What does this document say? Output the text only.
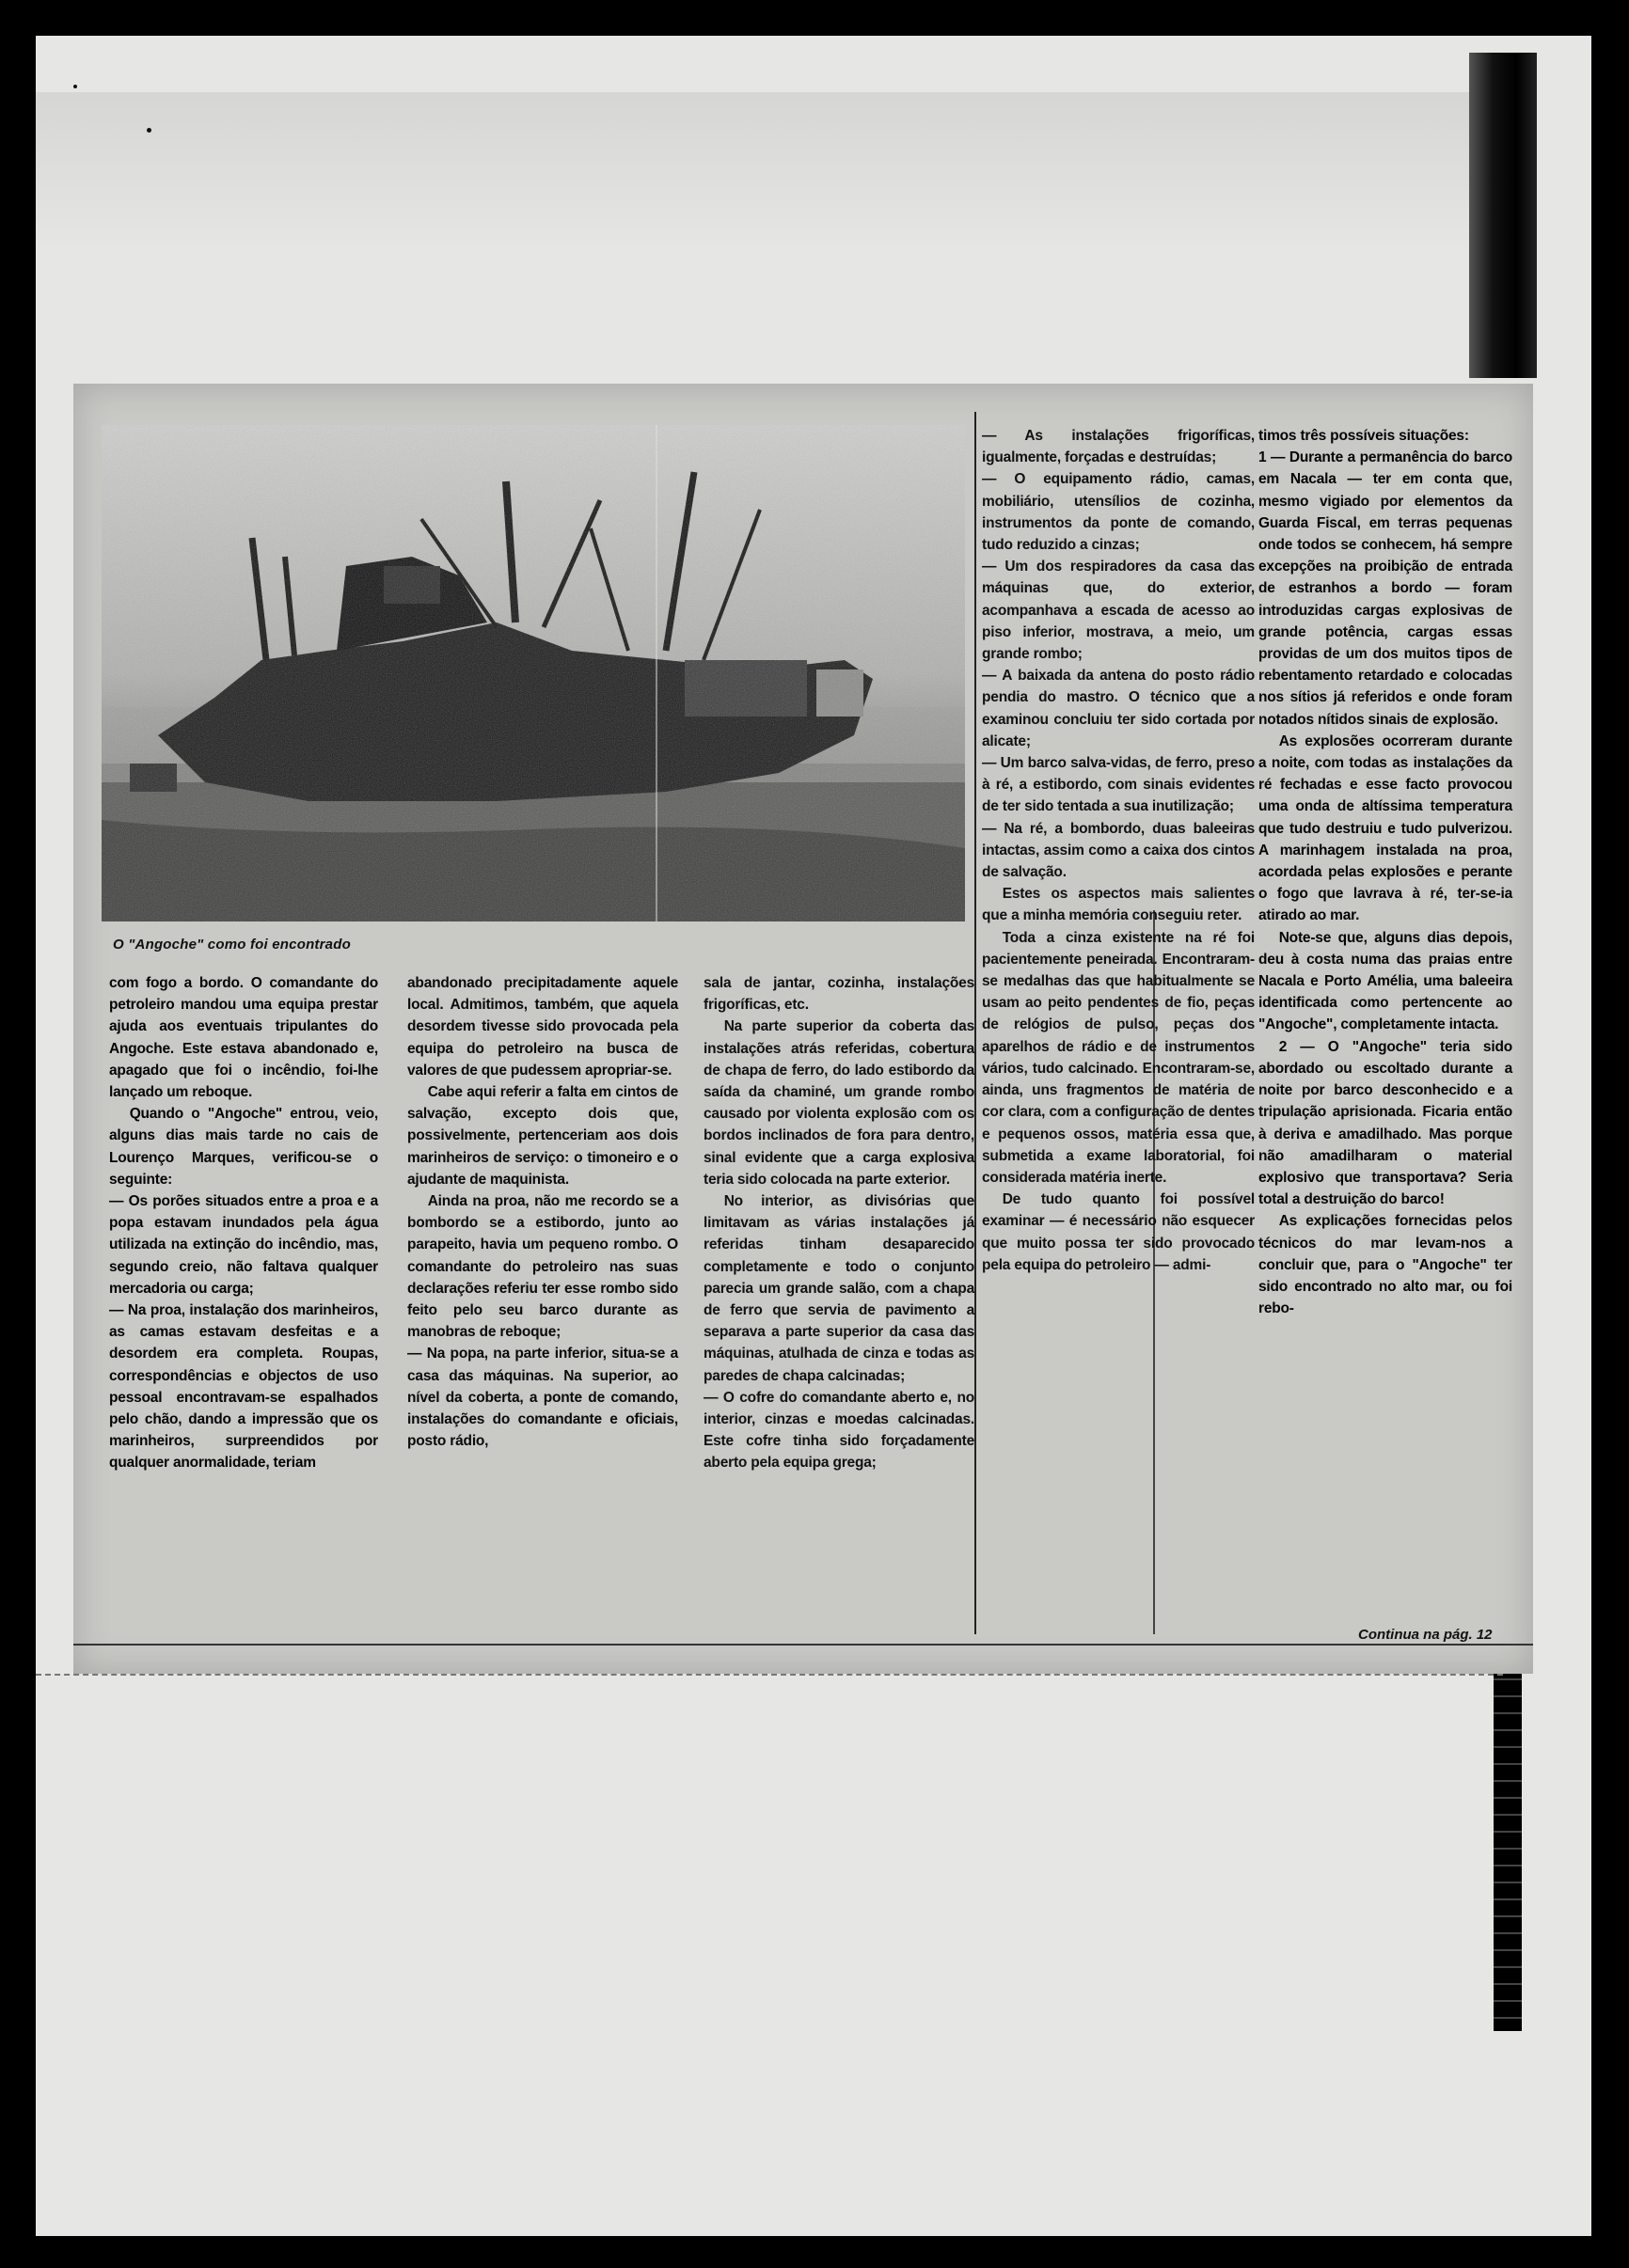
O "Angoche" como foi encontrado

com fogo a bordo. O comandante do petroleiro mandou uma equipa prestar ajuda aos eventuais tripulantes do Angoche. Este estava abandonado e, apagado que foi o incêndio, foi-lhe lançado um reboque.

Quando o "Angoche" entrou, veio, alguns dias mais tarde no cais de Lourenço Marques, verificou-se o seguinte:

— Os porões situados entre a proa e a popa estavam inundados pela água utilizada na extinção do incêndio, mas, segundo creio, não faltava qualquer mercadoria ou carga;

— Na proa, instalação dos marinheiros, as camas estavam desfeitas e a desordem era completa. Roupas, correspondências e objectos de uso pessoal encontravam-se espalhados pelo chão, dando a impressão que os marinheiros, surpreendidos por qualquer anormalidade, teriam

abandonado precipitadamente aquele local. Admitimos, também, que aquela desordem tivesse sido provocada pela equipa do petroleiro na busca de valores de que pudessem apropriar-se.

Cabe aqui referir a falta em cintos de salvação, excepto dois que, possivelmente, pertenceriam aos dois marinheiros de serviço: o timoneiro e o ajudante de maquinista.

Ainda na proa, não me recordo se a bombordo se a estibordo, junto ao parapeito, havia um pequeno rombo. O comandante do petroleiro nas suas declarações referiu ter esse rombo sido feito pelo seu barco durante as manobras de reboque;

— Na popa, na parte inferior, situa-se a casa das máquinas. Na superior, ao nível da coberta, a ponte de comando, instalações do comandante e oficiais, posto rádio,

sala de jantar, cozinha, instalações frigoríficas, etc.

Na parte superior da coberta das instalações atrás referidas, cobertura de chapa de ferro, do lado estibordo da saída da chaminé, um grande rombo causado por violenta explosão com os bordos inclinados de fora para dentro, sinal evidente que a carga explosiva teria sido colocada na parte exterior.

No interior, as divisórias que limitavam as várias instalações já referidas tinham desaparecido completamente e todo o conjunto parecia um grande salão, com a chapa de ferro que servia de pavimento a separava a parte superior da casa das máquinas, atulhada de cinza e todas as paredes de chapa calcinadas;

— O cofre do comandante aberto e, no interior, cinzas e moedas calcinadas. Este cofre tinha sido forçadamente aberto pela equipa grega;

— As instalações frigoríficas, igualmente, forçadas e destruídas;

— O equipamento rádio, camas, mobiliário, utensílios de cozinha, instrumentos da ponte de comando, tudo reduzido a cinzas;

— Um dos respiradores da casa das máquinas que, do exterior, acompanhava a escada de acesso ao piso inferior, mostrava, a meio, um grande rombo;

— A baixada da antena do posto rádio pendia do mastro. O técnico que a examinou concluiu ter sido cortada por alicate;

— Um barco salva-vidas, de ferro, preso à ré, a estibordo, com sinais evidentes de ter sido tentada a sua inutilização;

— Na ré, a bombordo, duas baleeiras intactas, assim como a caixa dos cintos de salvação.

Estes os aspectos mais salientes que a minha memória conseguiu reter.

Toda a cinza existente na ré foi pacientemente peneirada. Encontraram-se medalhas das que habitualmente se usam ao peito pendentes de fio, peças de relógios de pulso, peças dos aparelhos de rádio e de instrumentos vários, tudo calcinado. Encontraram-se, ainda, uns fragmentos de matéria de cor clara, com a configuração de dentes e pequenos ossos, matéria essa que, submetida a exame laboratorial, foi considerada matéria inerte.

De tudo quanto foi possível examinar — é necessário não esquecer que muito possa ter sido provocado pela equipa do petroleiro — admi-

timos três possíveis situações:

1 — Durante a permanência do barco em Nacala — ter em conta que, mesmo vigiado por elementos da Guarda Fiscal, em terras pequenas onde todos se conhecem, há sempre excepções na proibição de entrada de estranhos a bordo — foram introduzidas cargas explosivas de grande potência, cargas essas providas de um dos muitos tipos de rebentamento retardado e colocadas nos sítios já referidos e onde foram notados nítidos sinais de explosão.

As explosões ocorreram durante a noite, com todas as instalações da ré fechadas e esse facto provocou uma onda de altíssima temperatura que tudo destruiu e tudo pulverizou. A marinhagem instalada na proa, acordada pelas explosões e perante o fogo que lavrava à ré, ter-se-ia atirado ao mar.

Note-se que, alguns dias depois, deu à costa numa das praias entre Nacala e Porto Amélia, uma baleeira identificada como pertencente ao "Angoche", completamente intacta.

2 — O "Angoche" teria sido abordado ou escoltado durante a noite por barco desconhecido e a tripulação aprisionada. Ficaria então à deriva e amadilhado. Mas porque não amadilharam o material explosivo que transportava? Seria total a destruição do barco!

As explicações fornecidas pelos técnicos do mar levam-nos a concluir que, para o "Angoche" ter sido encontrado no alto mar, ou foi rebo-

Continua na pág. 12
